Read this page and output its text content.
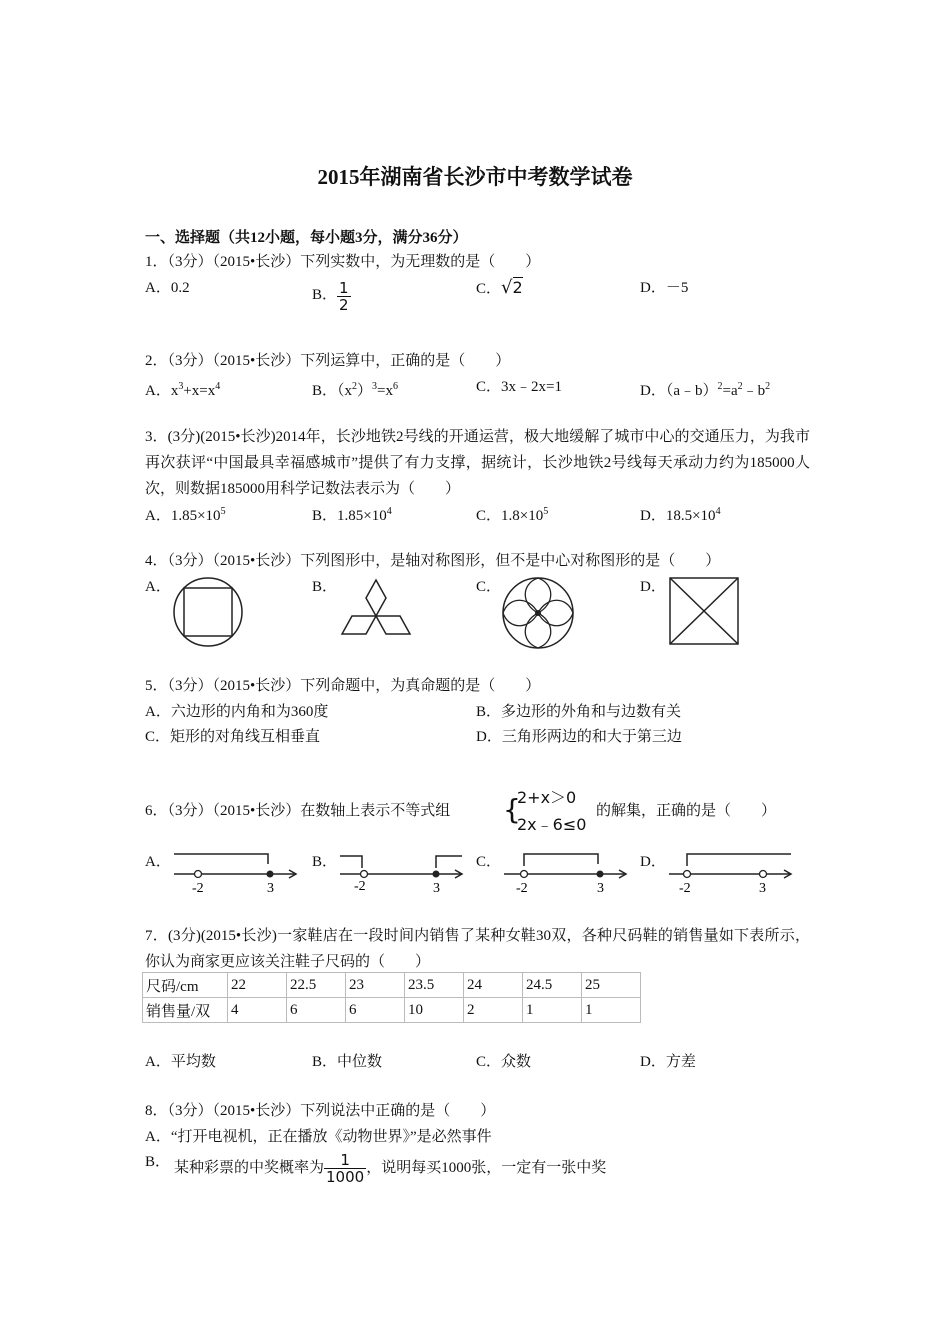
2015年湖南省长沙市中考数学试卷
一、选择题（共12小题，每小题3分，满分36分）
1．（3分）（2015•长沙）下列实数中，为无理数的是（　　）
A．0.2	B． $\frac{1}{2}$	C．√2	D．－5
2．（3分）（2015•长沙）下列运算中，正确的是（　　）
A．$x^3+x=x^4$	B．$(x^2)^3=x^6$	C．3x﹣2x=1	D．$(a﹣b)^2=a^2﹣b^2$
3．(3分)(2015•长沙)2014年，长沙地铁2号线的开通运营，极大地缓解了城市中心的交通压力，为我市再次获评“中国最具幸福感城市”提供了有力支撑，据统计，长沙地铁2号线每天承动力约为185000人次，则数据185000用科学记数法表示为（　　）
A．$1.85\times 10^5$	B．$1.85\times 10^4$	C．$1.8\times 10^5$	D．$18.5\times 10^4$
4．（3分）（2015•长沙）下列图形中，是轴对称图形，但不是中心对称图形的是（　　）
A．	B．	C．	D．
5．（3分）（2015•长沙）下列命题中，为真命题的是（　　）
A．六边形的内角和为360度	B．多边形的外角和与边数有关
C．矩形的对角线互相垂直	D．三角形两边的和大于第三边
6．（3分）（2015•长沙）在数轴上表示不等式组 {
2+x＞0
2x﹣6≤0
的解集，正确的是（　　）
A．	B．	C．	D．
-2	3	-2	3	-2	3	-2	3
7．(3分)(2015•长沙)一家鞋店在一段时间内销售了某种女鞋30双，各种尺码鞋的销售量如下表所示，你认为商家更应该关注鞋子尺码的（　　）
尺码/cm	22	22.5	23	23.5	24	24.5	25
销售量/双	4	6	6	10	2	1	1
A．平均数	B．中位数	C．众数	D．方差
8．（3分）（2015•长沙）下列说法中正确的是（　　）
A．“打开电视机，正在播放《动物世界》”是必然事件
B． 某种彩票的中奖概率为 $\frac{1}{1000}$ ，说明每买1000张，一定有一张中奖
